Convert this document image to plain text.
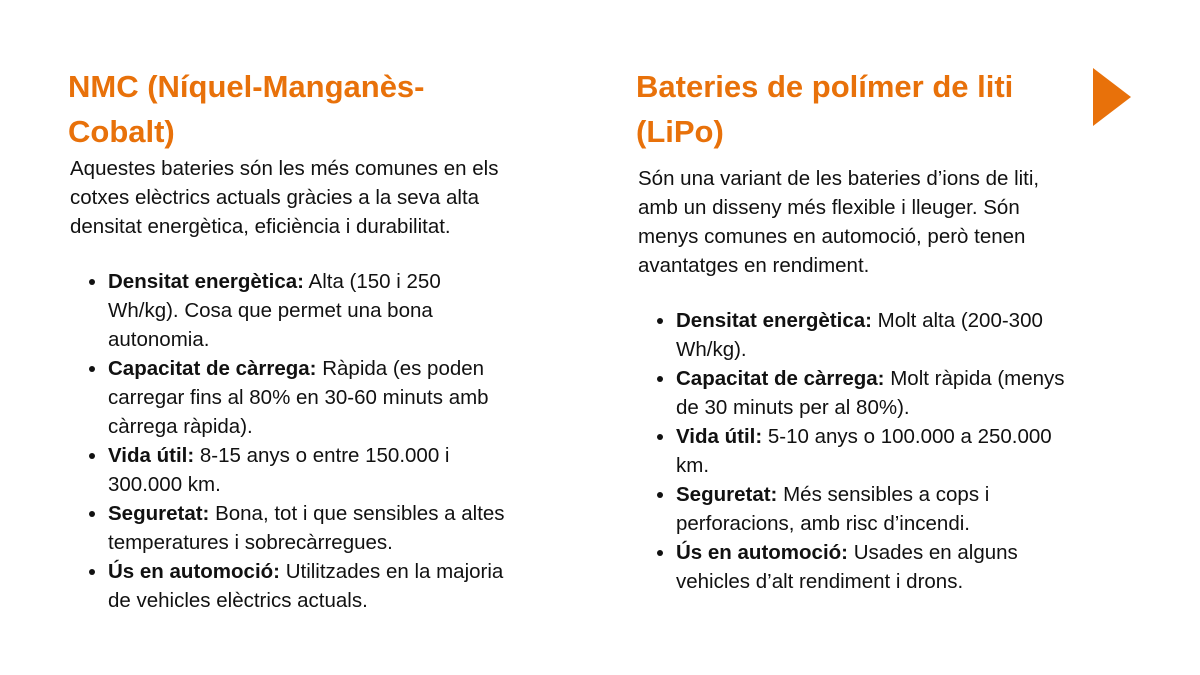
NMC (Níquel-Manganès-Cobalt)

Aquestes bateries són les més comunes en els cotxes elèctrics actuals gràcies a la seva alta densitat energètica, eficiència i durabilitat.

• Densitat energètica: Alta (150 i 250 Wh/kg). Cosa que permet una bona autonomia.
• Capacitat de càrrega: Ràpida (es poden carregar fins al 80% en 30-60 minuts amb càrrega ràpida).
• Vida útil: 8-15 anys o entre 150.000 i 300.000 km.
• Seguretat: Bona, tot i que sensibles a altes temperatures i sobrecàrregues.
• Ús en automoció: Utilitzades en la majoria de vehicles elèctrics actuals.
Bateries de polímer de liti (LiPo)

Són una variant de les bateries d’ions de liti, amb un disseny més flexible i lleuger. Són menys comunes en automoció, però tenen avantatges en rendiment.

• Densitat energètica: Molt alta (200-300 Wh/kg).
• Capacitat de càrrega: Molt ràpida (menys de 30 minuts per al 80%).
• Vida útil: 5-10 anys o 100.000 a 250.000 km.
• Seguretat: Més sensibles a cops i perforacions, amb risc d’incendi.
• Ús en automoció: Usades en alguns vehicles d’alt rendiment i drons.
